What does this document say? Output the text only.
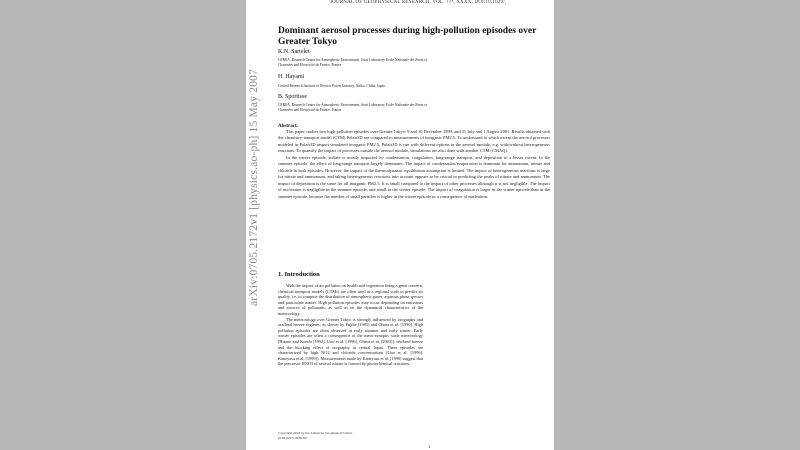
arXiv:0705.2172v1 [physics.ao-ph] 15 May 2007
JOURNAL OF GEOPHYSICAL RESEARCH, VOL. ???, XXXX, DOI:10.1029/,
Dominant aerosol processes during high-pollution episodes over
Greater Tokyo
K.N. Sartelet
CEREA, Research Center for Atmospheric Environment, Joint Laboratory Ecole Nationale des Ponts et
Chaussées and Electricité de France, France
H. Hayami
Central Research Institute of Electric Power Industry, Abiko, Chiba, Japan
B. Sportisse
CEREA, Research Center for Atmospheric Environment, Joint Laboratory Ecole Nationale des Ponts et
Chaussées and Electricité de France, France
Abstract.

This paper studies two high-pollution episodes over Greater Tokyo: 9 and 10 December 1999, and 31 July and 1 August 2001. Results obtained with the chemistry-transport model (CTM) Polair3D are compared to measurements of inorganic PM2.5. To understand to which extent the aerosol processes modeled in Polair3D impact simulated inorganic PM2.5, Polair3D is run with different options in the aerosol module, e.g. with/without heterogeneous reactions. To quantify the impact of processes outside the aerosol module, simulations are also done with another CTM (CMAQ).

In the winter episode, sulfate is mostly impacted by condensation, coagulation, long-range transport, and deposition to a lesser extent. In the summer episode, the effect of long-range transport largely dominates. The impact of condensation/evaporation is dominant for ammonium, nitrate and chloride in both episodes. However, the impact of the thermodynamic equilibrium assumption is limited. The impact of heterogeneous reactions is large for nitrate and ammonium, and taking heterogeneous reactions into account appears to be crucial in predicting the peaks of nitrate and ammonium. The impact of deposition is the same for all inorganic PM2.5. It is small compared to the impact of other processes although it is not negligible. The impact of nucleation is negligible in the summer episode, and small in the winter episode. The impact of coagulation is larger in the winter episode than in the summer episode, because the number of small particles is higher in the winter episode as a consequence of nucleation.

1. Introduction

With the impact of air pollution on health and vegetation being a great concern, chemical transport models (CTMs) are often used at a regional scale to predict air quality, i.e. to compute the distribution of atmospheric gases, aqueous phase species and particulate matter. High pollution episodes may occur depending on emissions and sources of pollutants, as well as on the dynamical characteristics of the meteorology.

The meteorology over Greater Tokyo is strongly influenced by orography and sea/land breeze regimes, as shown by Fujibe [1985] and Ohara et al. [1990]. High pollution episodes are often observed in early summer and early winter. Early winter episodes are often a consequence of the meso-synoptic scale meteorology [Hirano and Kondo [1992], Uno et al. [1996], Ohara et al. [2003]]: sea/land breeze and the blocking effect of orography in central Japan. These episodes are characterized by high NO2 and chloride concentrations (Uno et al. [1996], Kaneyasu et al. [1999]). Measurements made by Kaneyasu et al. [1999] suggest that the precursor HNO3 of aerosol nitrate is formed by photochemical reactions,

Copyright 2018 by the American Geophysical Union.
0148-0227/18/$9.00
1
